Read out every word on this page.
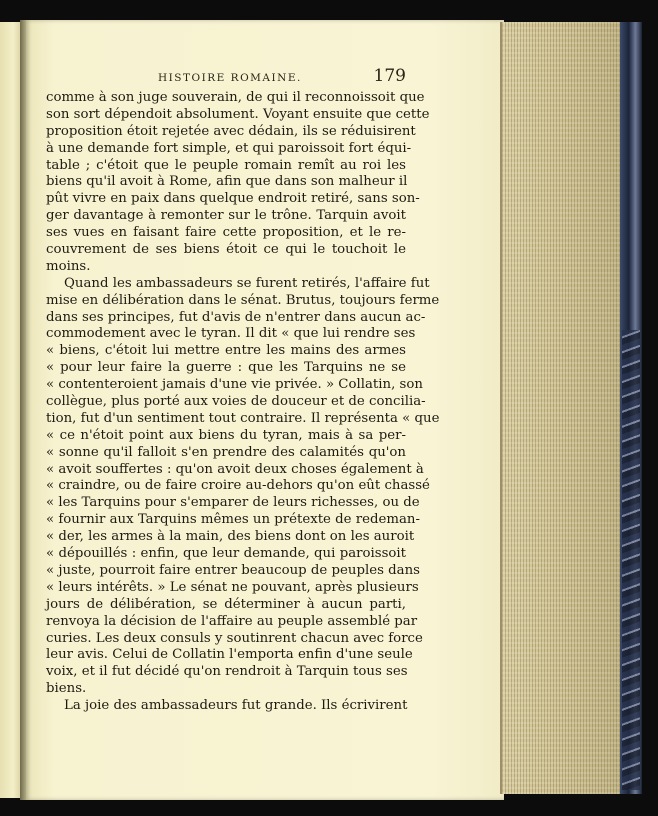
HISTOIRE ROMAINE.	179
comme à son juge souverain, de qui il reconnoissoit que
son sort dépendoit absolument. Voyant ensuite que cette
proposition étoit rejetée avec dédain, ils se réduisirent
à une demande fort simple, et qui paroissoit fort équi-
table ; c'étoit que le peuple romain remît au roi les
biens qu'il avoit à Rome, afin que dans son malheur il
pût vivre en paix dans quelque endroit retiré, sans son-
ger davantage à remonter sur le trône. Tarquin avoit
ses vues en faisant faire cette proposition, et le re-
couvrement de ses biens étoit ce qui le touchoit le
moins.
Quand les ambassadeurs se furent retirés, l'affaire fut
mise en délibération dans le sénat. Brutus, toujours ferme
dans ses principes, fut d'avis de n'entrer dans aucun ac-
commodement avec le tyran. Il dit « que lui rendre ses
« biens, c'étoit lui mettre entre les mains des armes
« pour leur faire la guerre : que les Tarquins ne se
« contenteroient jamais d'une vie privée. » Collatin, son
collègue, plus porté aux voies de douceur et de concilia-
tion, fut d'un sentiment tout contraire. Il représenta « que
« ce n'étoit point aux biens du tyran, mais à sa per-
« sonne qu'il falloit s'en prendre des calamités qu'on
« avoit souffertes : qu'on avoit deux choses également à
« craindre, ou de faire croire au-dehors qu'on eût chassé
« les Tarquins pour s'emparer de leurs richesses, ou de
« fournir aux Tarquins mêmes un prétexte de redeman-
« der, les armes à la main, des biens dont on les auroit
« dépouillés : enfin, que leur demande, qui paroissoit
« juste, pourroit faire entrer beaucoup de peuples dans
« leurs intérêts. » Le sénat ne pouvant, après plusieurs
jours de délibération, se déterminer à aucun parti,
renvoya la décision de l'affaire au peuple assemblé par
curies. Les deux consuls y soutinrent chacun avec force
leur avis. Celui de Collatin l'emporta enfin d'une seule
voix, et il fut décidé qu'on rendroit à Tarquin tous ses
biens.
La joie des ambassadeurs fut grande. Ils écrivirent
